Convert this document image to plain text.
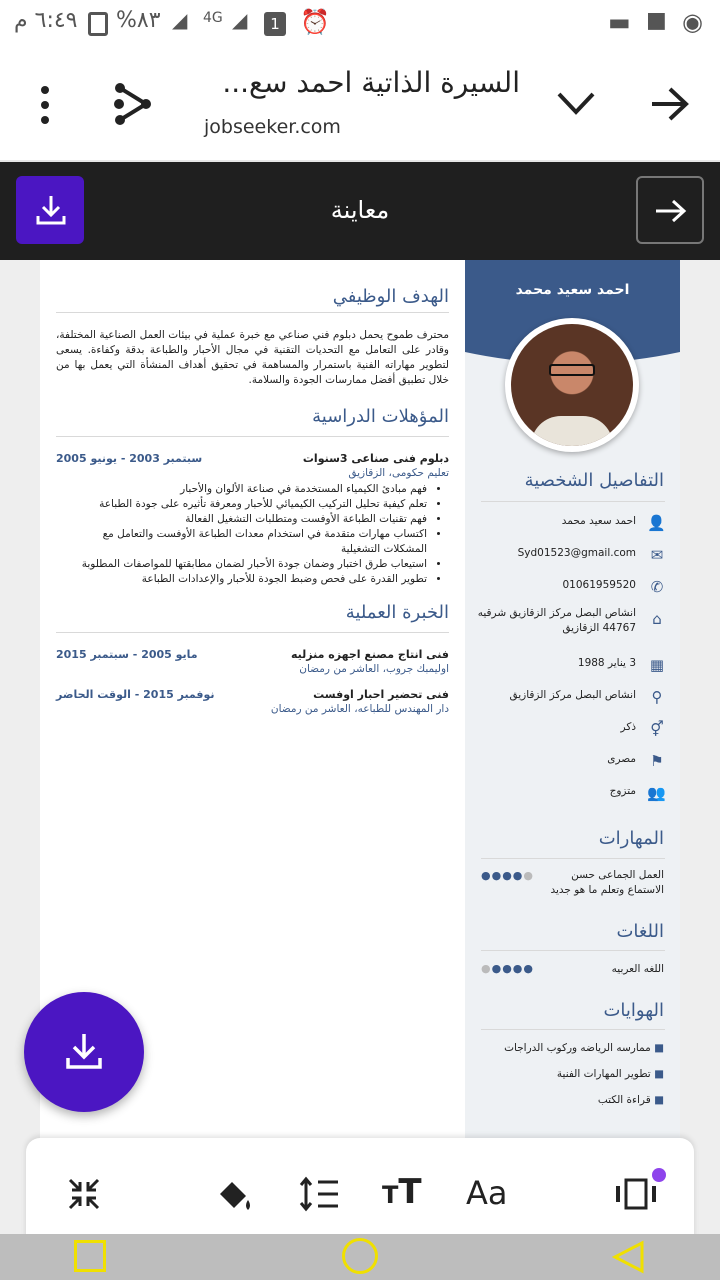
٦:٤٩ م %٨٣ ◢ 4G ◢	1 ⏰	▬ ■ ◉
السيرة الذاتية احمد سع...
jobseeker.com
معاينة
احمد سعيد محمد
التفاصيل الشخصية
👤
احمد سعيد محمد
✉
Syd01523@gmail.com
✆
01061959520
⌂
انشاص البصل مركز الزقازيق شرقيه 44767 الزقازيق
▦
3 يناير 1988
⚲
انشاص البصل مركز الزقازيق
⚥
ذكر
⚑
مصرى
👥
متزوج
المهارات
العمل الجماعى حسن
●●●●●
الاستماع وتعلم ما هو جديد
اللغات
اللغه العربيه
●●●●●
الهوايات
■ ممارسه الرياضه وركوب الدراجات
■ تطوير المهارات الفنية
■ قراءة الكتب
الهدف الوظيفي
محترف طموح يحمل دبلوم فني صناعي مع خبرة عملية في بيئات العمل الصناعية المختلفة، وقادر على التعامل مع التحديات التقنية في مجال الأحبار والطباعة بدقة وكفاءة. يسعى لتطوير مهاراته الفنية باستمرار والمساهمة في تحقيق أهداف المنشأة التي يعمل بها من خلال تطبيق أفضل ممارسات الجودة والسلامة.
المؤهلات الدراسية
دبلوم فنى صناعى 3سنوات
سبتمبر 2003 - يونيو 2005
تعليم حكومى، الزقازيق
• فهم مبادئ الكيمياء المستخدمة في صناعة الألوان والأحبار
• تعلم كيفية تحليل التركيب الكيميائي للأحبار ومعرفة تأثيره على جودة الطباعة
• فهم تقنيات الطباعة الأوفست ومتطلبات التشغيل الفعالة
• اكتساب مهارات متقدمة في استخدام معدات الطباعة الأوفست والتعامل مع المشكلات التشغيلية
• استيعاب طرق اختبار وضمان جودة الأحبار لضمان مطابقتها للمواصفات المطلوبة
• تطوير القدرة على فحص وضبط الجودة للأحبار والإعدادات الطباعة
الخبرة العملية
فنى انتاج مصنع اجهزه منزليه
مايو 2005 - سبتمبر 2015
اوليمبك جروب، العاشر من رمضان
فنى تحضير احبار اوفست
نوفمبر 2015 - الوقت الحاضر
دار المهندس للطباعه، العاشر من رمضان
TT Aa
